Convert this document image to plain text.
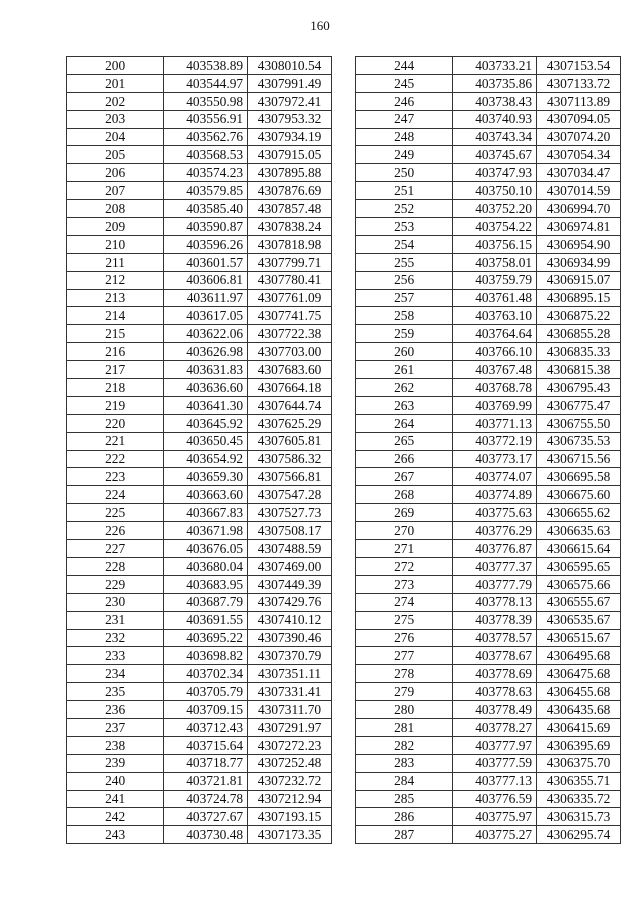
160
200	403538.89	4308010.54
201	403544.97	4307991.49
202	403550.98	4307972.41
203	403556.91	4307953.32
204	403562.76	4307934.19
205	403568.53	4307915.05
206	403574.23	4307895.88
207	403579.85	4307876.69
208	403585.40	4307857.48
209	403590.87	4307838.24
210	403596.26	4307818.98
211	403601.57	4307799.71
212	403606.81	4307780.41
213	403611.97	4307761.09
214	403617.05	4307741.75
215	403622.06	4307722.38
216	403626.98	4307703.00
217	403631.83	4307683.60
218	403636.60	4307664.18
219	403641.30	4307644.74
220	403645.92	4307625.29
221	403650.45	4307605.81
222	403654.92	4307586.32
223	403659.30	4307566.81
224	403663.60	4307547.28
225	403667.83	4307527.73
226	403671.98	4307508.17
227	403676.05	4307488.59
228	403680.04	4307469.00
229	403683.95	4307449.39
230	403687.79	4307429.76
231	403691.55	4307410.12
232	403695.22	4307390.46
233	403698.82	4307370.79
234	403702.34	4307351.11
235	403705.79	4307331.41
236	403709.15	4307311.70
237	403712.43	4307291.97
238	403715.64	4307272.23
239	403718.77	4307252.48
240	403721.81	4307232.72
241	403724.78	4307212.94
242	403727.67	4307193.15
243	403730.48	4307173.35
244	403733.21	4307153.54
245	403735.86	4307133.72
246	403738.43	4307113.89
247	403740.93	4307094.05
248	403743.34	4307074.20
249	403745.67	4307054.34
250	403747.93	4307034.47
251	403750.10	4307014.59
252	403752.20	4306994.70
253	403754.22	4306974.81
254	403756.15	4306954.90
255	403758.01	4306934.99
256	403759.79	4306915.07
257	403761.48	4306895.15
258	403763.10	4306875.22
259	403764.64	4306855.28
260	403766.10	4306835.33
261	403767.48	4306815.38
262	403768.78	4306795.43
263	403769.99	4306775.47
264	403771.13	4306755.50
265	403772.19	4306735.53
266	403773.17	4306715.56
267	403774.07	4306695.58
268	403774.89	4306675.60
269	403775.63	4306655.62
270	403776.29	4306635.63
271	403776.87	4306615.64
272	403777.37	4306595.65
273	403777.79	4306575.66
274	403778.13	4306555.67
275	403778.39	4306535.67
276	403778.57	4306515.67
277	403778.67	4306495.68
278	403778.69	4306475.68
279	403778.63	4306455.68
280	403778.49	4306435.68
281	403778.27	4306415.69
282	403777.97	4306395.69
283	403777.59	4306375.70
284	403777.13	4306355.71
285	403776.59	4306335.72
286	403775.97	4306315.73
287	403775.27	4306295.74
